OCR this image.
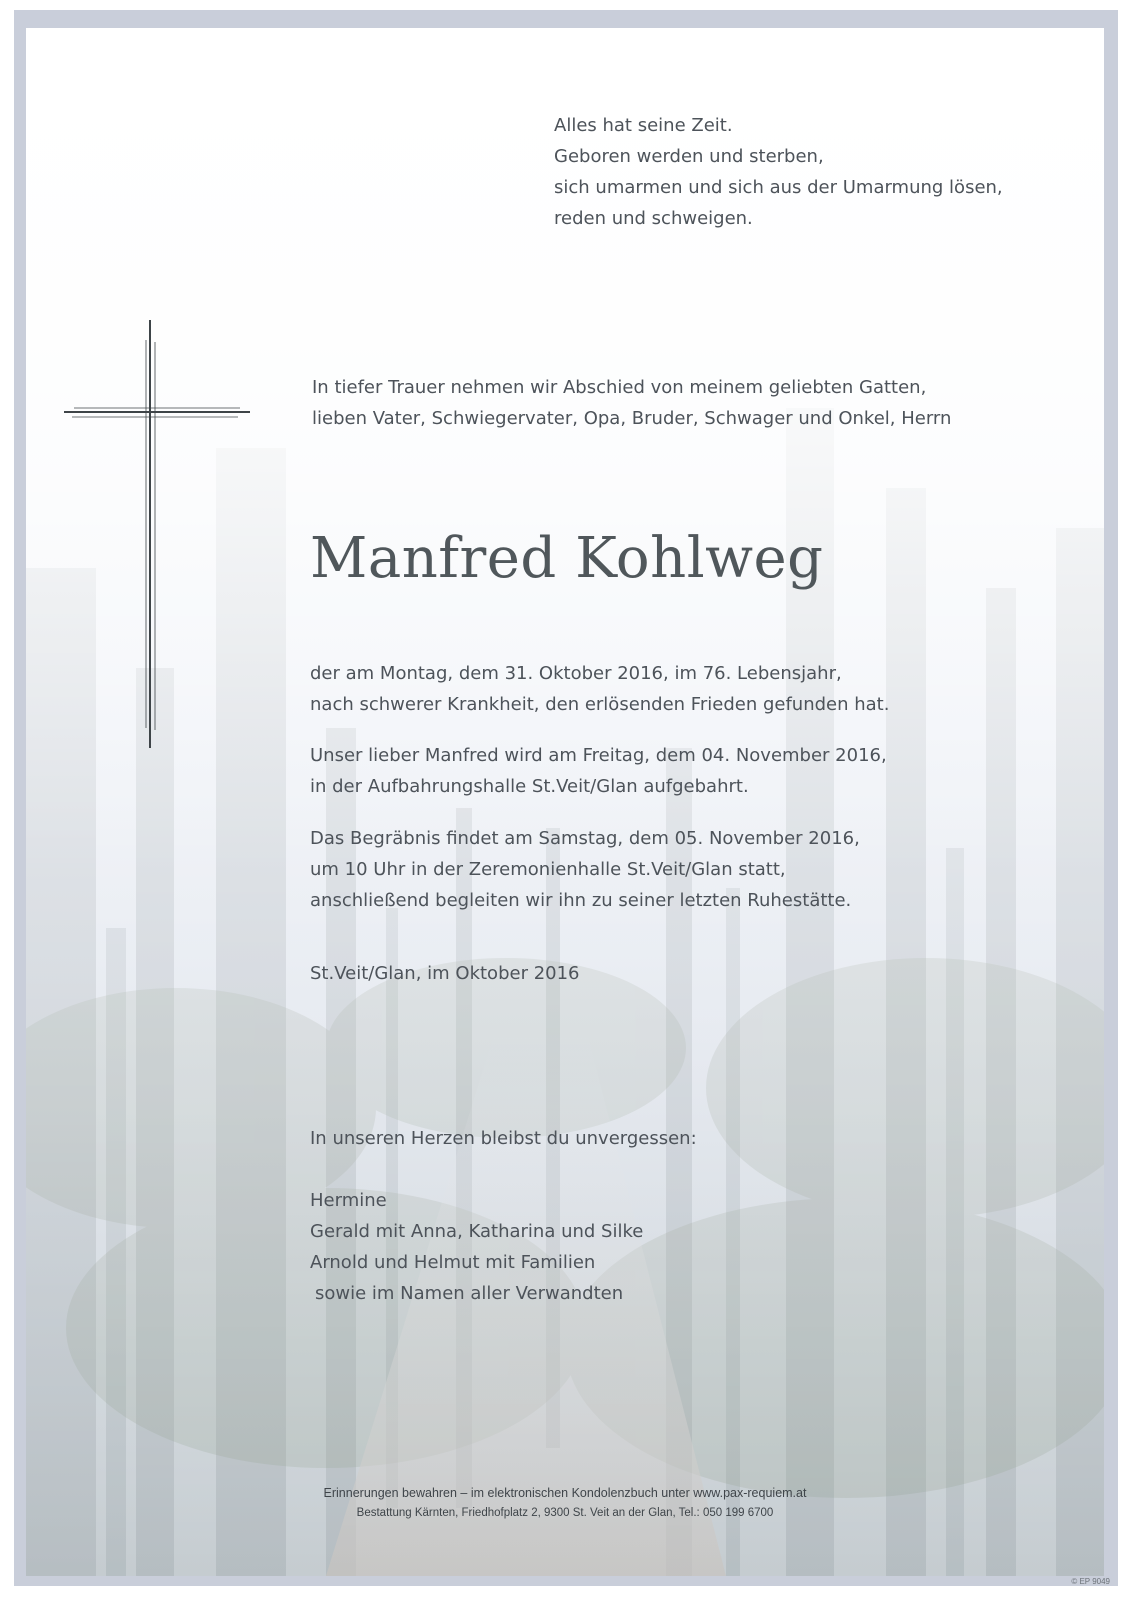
Alles hat seine Zeit.
Geboren werden und sterben,
sich umarmen und sich aus der Umarmung lösen,
reden und schweigen.
In tiefer Trauer nehmen wir Abschied von meinem geliebten Gatten,
lieben Vater, Schwiegervater, Opa, Bruder, Schwager und Onkel, Herrn
Manfred Kohlweg
der am Montag, dem 31. Oktober 2016, im 76. Lebensjahr,
nach schwerer Krankheit, den erlösenden Frieden gefunden hat.
Unser lieber Manfred wird am Freitag, dem 04. November 2016,
in der Aufbahrungshalle St.Veit/Glan aufgebahrt.
Das Begräbnis findet am Samstag, dem 05. November 2016,
um 10 Uhr in der Zeremonienhalle St.Veit/Glan statt,
anschließend begleiten wir ihn zu seiner letzten Ruhestätte.
St.Veit/Glan, im Oktober 2016
In unseren Herzen bleibst du unvergessen:
Hermine
Gerald mit Anna, Katharina und Silke
Arnold und Helmut mit Familien
sowie im Namen aller Verwandten
Erinnerungen bewahren – im elektronischen Kondolenzbuch unter www.pax-requiem.at
Bestattung Kärnten, Friedhofplatz 2, 9300 St. Veit an der Glan, Tel.: 050 199 6700
© EP 9049
